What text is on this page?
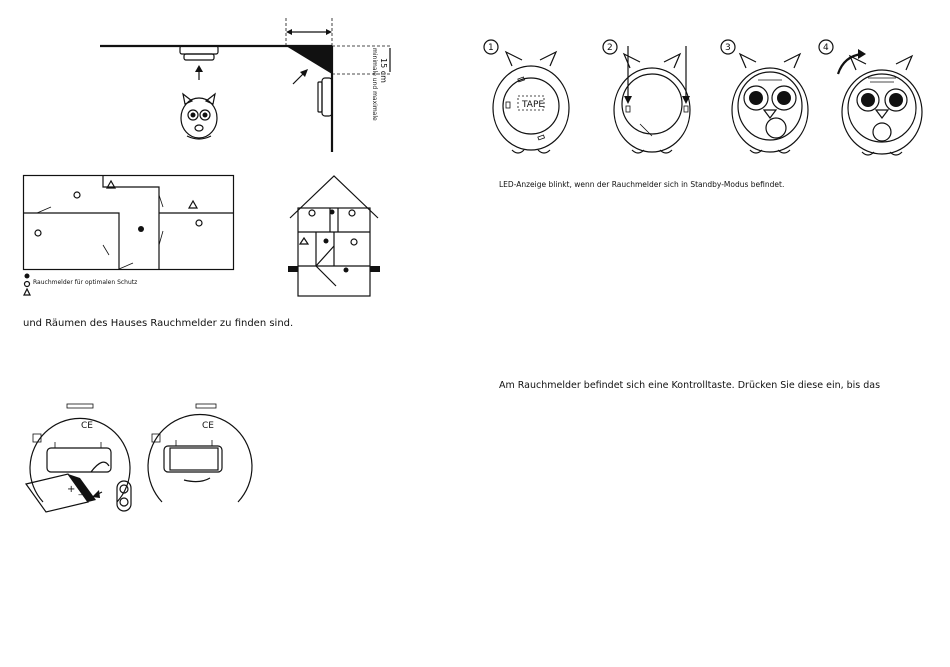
15 cm
minimale und maximale
Rauchmelder für optimalen Schutz
und Räumen des Hauses Rauchmelder zu finden sind.
CE
+ –
CE
1
TAPE
2	3	4
LED-Anzeige blinkt, wenn der Rauchmelder sich in Standby-Modus befindet.
Am Rauchmelder befindet sich eine Kontrolltaste. Drücken Sie diese ein, bis das
